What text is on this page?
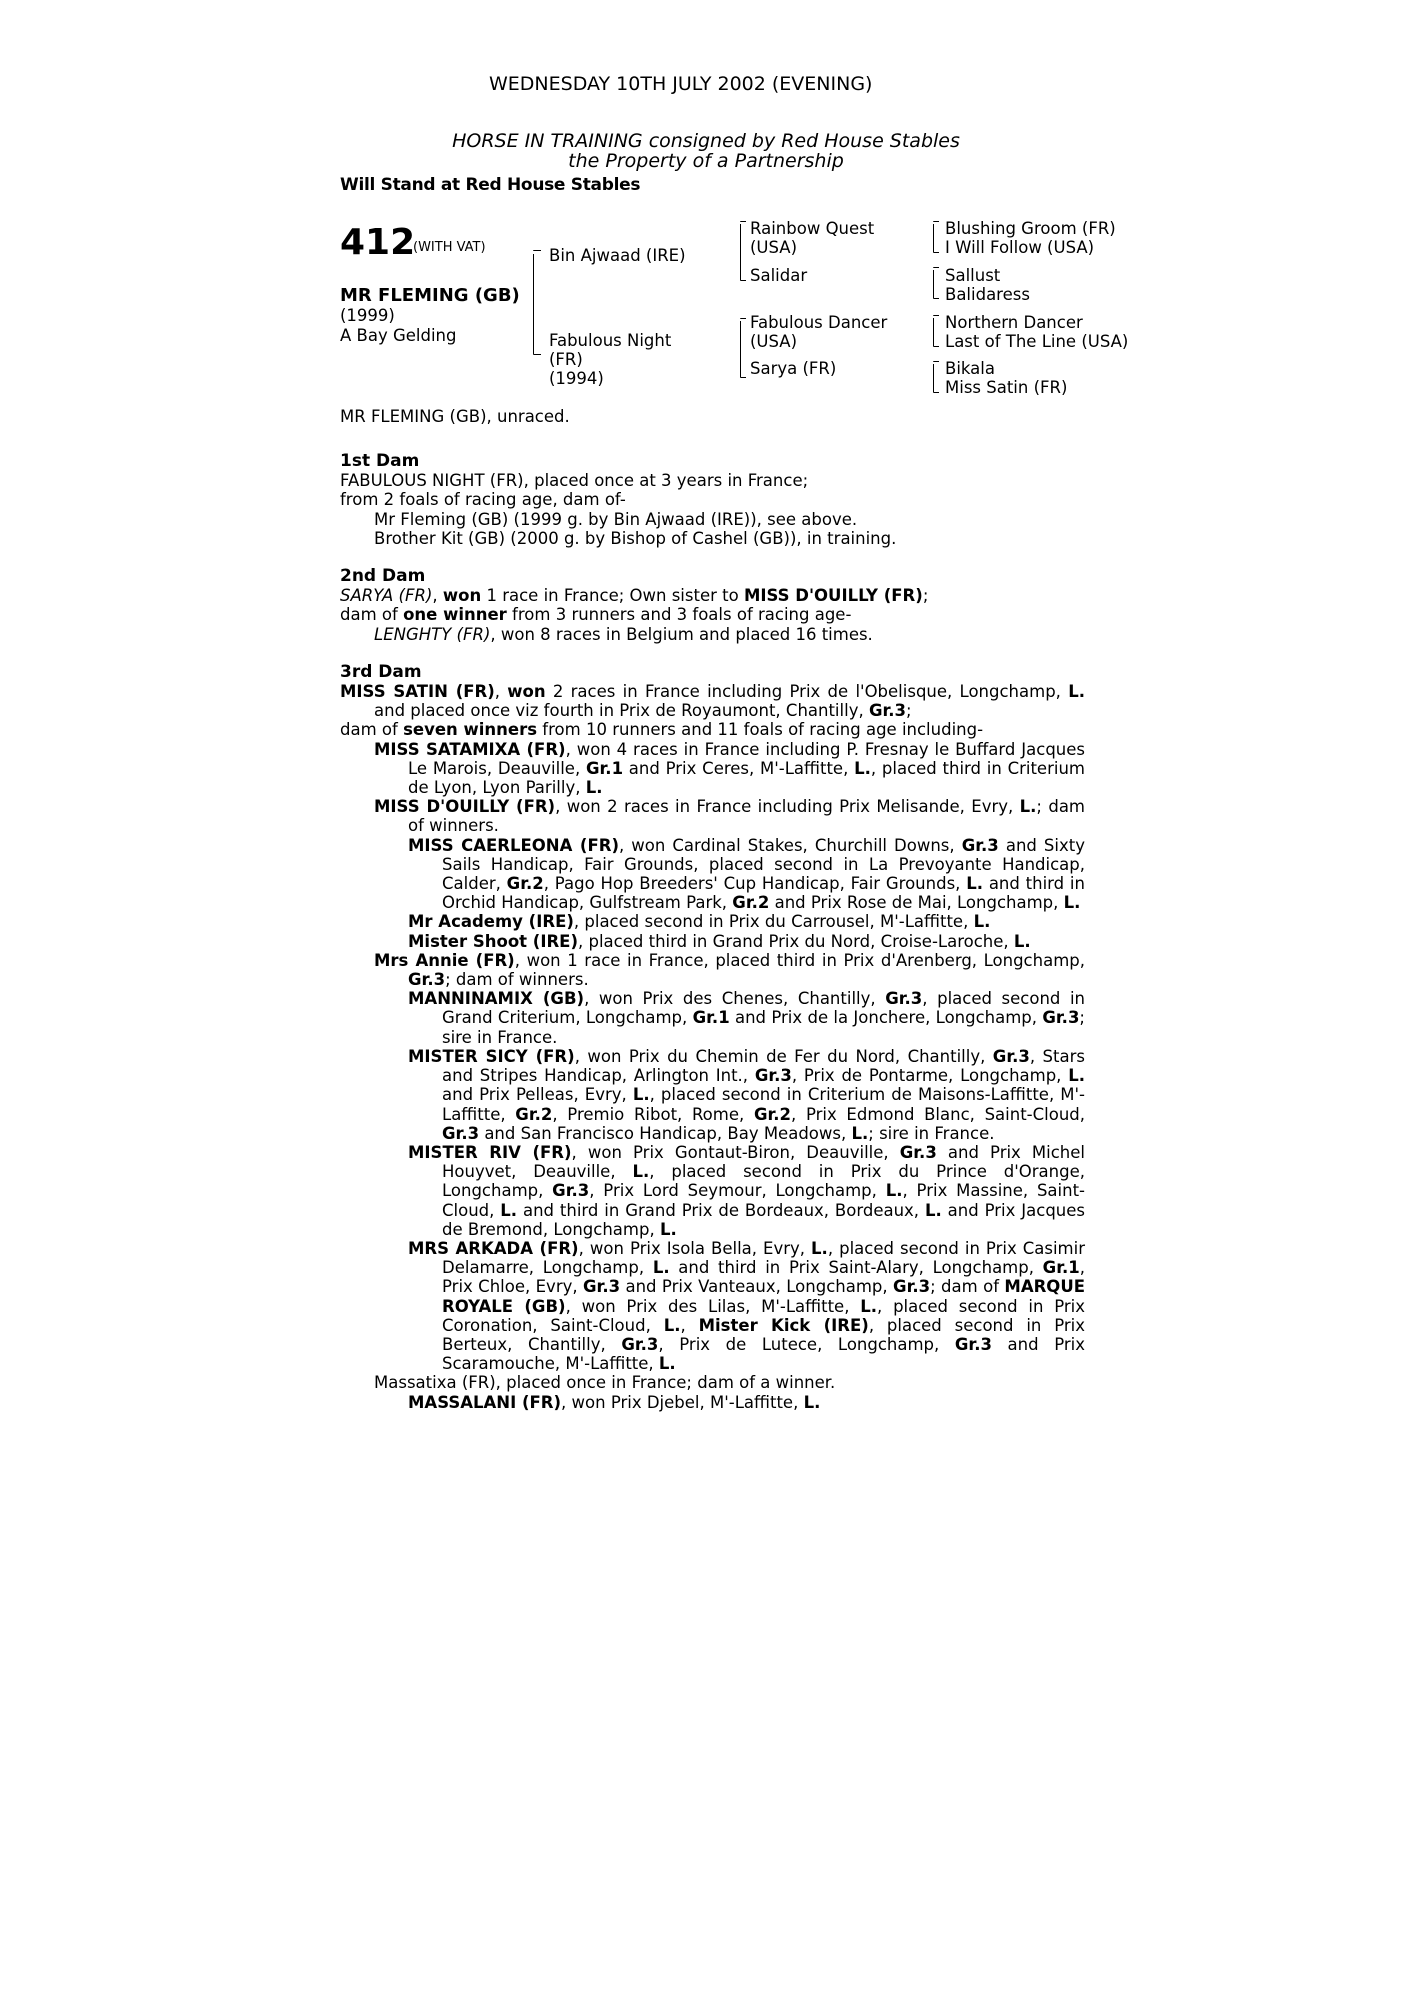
WEDNESDAY 10TH JULY 2002 (EVENING)
HORSE IN TRAINING consigned by Red House Stables
the Property of a Partnership
Will Stand at Red House Stables
412
(WITH VAT)
MR FLEMING (GB)
(1999)
A Bay Gelding
Bin Ajwaad (IRE)
Fabulous Night
(FR)
(1994)
Rainbow Quest
(USA)
Salidar
Fabulous Dancer
(USA)
Sarya (FR)
Blushing Groom (FR)
I Will Follow (USA)
Sallust
Balidaress
Northern Dancer
Last of The Line (USA)
Bikala
Miss Satin (FR)
MR FLEMING (GB), unraced.

1st Dam

FABULOUS NIGHT (FR), placed once at 3 years in France;

from 2 foals of racing age, dam of-

Mr Fleming (GB) (1999 g. by Bin Ajwaad (IRE)), see above.

Brother Kit (GB) (2000 g. by Bishop of Cashel (GB)), in training.

2nd Dam

SARYA (FR), won 1 race in France; Own sister to MISS D'OUILLY (FR);

dam of one winner from 3 runners and 3 foals of racing age-

LENGHTY (FR), won 8 races in Belgium and placed 16 times.

3rd Dam

MISS SATIN (FR), won 2 races in France including Prix de l'Obelisque, Longchamp, L. and placed once viz fourth in Prix de Royaumont, Chantilly, Gr.3;

dam of seven winners from 10 runners and 11 foals of racing age including-

MISS SATAMIXA (FR), won 4 races in France including P. Fresnay le Buffard Jacques Le Marois, Deauville, Gr.1 and Prix Ceres, M'-Laffitte, L., placed third in Criterium de Lyon, Lyon Parilly, L.

MISS D'OUILLY (FR), won 2 races in France including Prix Melisande, Evry, L.; dam of winners.

MISS CAERLEONA (FR), won Cardinal Stakes, Churchill Downs, Gr.3 and Sixty Sails Handicap, Fair Grounds, placed second in La Prevoyante Handicap, Calder, Gr.2, Pago Hop Breeders' Cup Handicap, Fair Grounds, L. and third in Orchid Handicap, Gulfstream Park, Gr.2 and Prix Rose de Mai, Longchamp, L.

Mr Academy (IRE), placed second in Prix du Carrousel, M'-Laffitte, L.

Mister Shoot (IRE), placed third in Grand Prix du Nord, Croise-Laroche, L.

Mrs Annie (FR), won 1 race in France, placed third in Prix d'Arenberg, Longchamp, Gr.3; dam of winners.

MANNINAMIX (GB), won Prix des Chenes, Chantilly, Gr.3, placed second in Grand Criterium, Longchamp, Gr.1 and Prix de la Jonchere, Longchamp, Gr.3; sire in France.

MISTER SICY (FR), won Prix du Chemin de Fer du Nord, Chantilly, Gr.3, Stars and Stripes Handicap, Arlington Int., Gr.3, Prix de Pontarme, Longchamp, L. and Prix Pelleas, Evry, L., placed second in Criterium de Maisons-Laffitte, M'-Laffitte, Gr.2, Premio Ribot, Rome, Gr.2, Prix Edmond Blanc, Saint-Cloud, Gr.3 and San Francisco Handicap, Bay Meadows, L.; sire in France.

MISTER RIV (FR), won Prix Gontaut-Biron, Deauville, Gr.3 and Prix Michel Houyvet, Deauville, L., placed second in Prix du Prince d'Orange, Longchamp, Gr.3, Prix Lord Seymour, Longchamp, L., Prix Massine, Saint-Cloud, L. and third in Grand Prix de Bordeaux, Bordeaux, L. and Prix Jacques de Bremond, Longchamp, L.

MRS ARKADA (FR), won Prix Isola Bella, Evry, L., placed second in Prix Casimir Delamarre, Longchamp, L. and third in Prix Saint-Alary, Longchamp, Gr.1, Prix Chloe, Evry, Gr.3 and Prix Vanteaux, Longchamp, Gr.3; dam of MARQUE ROYALE (GB), won Prix des Lilas, M'-Laffitte, L., placed second in Prix Coronation, Saint-Cloud, L., Mister Kick (IRE), placed second in Prix Berteux, Chantilly, Gr.3, Prix de Lutece, Longchamp, Gr.3 and Prix Scaramouche, M'-Laffitte, L.

Massatixa (FR), placed once in France; dam of a winner.

MASSALANI (FR), won Prix Djebel, M'-Laffitte, L.
